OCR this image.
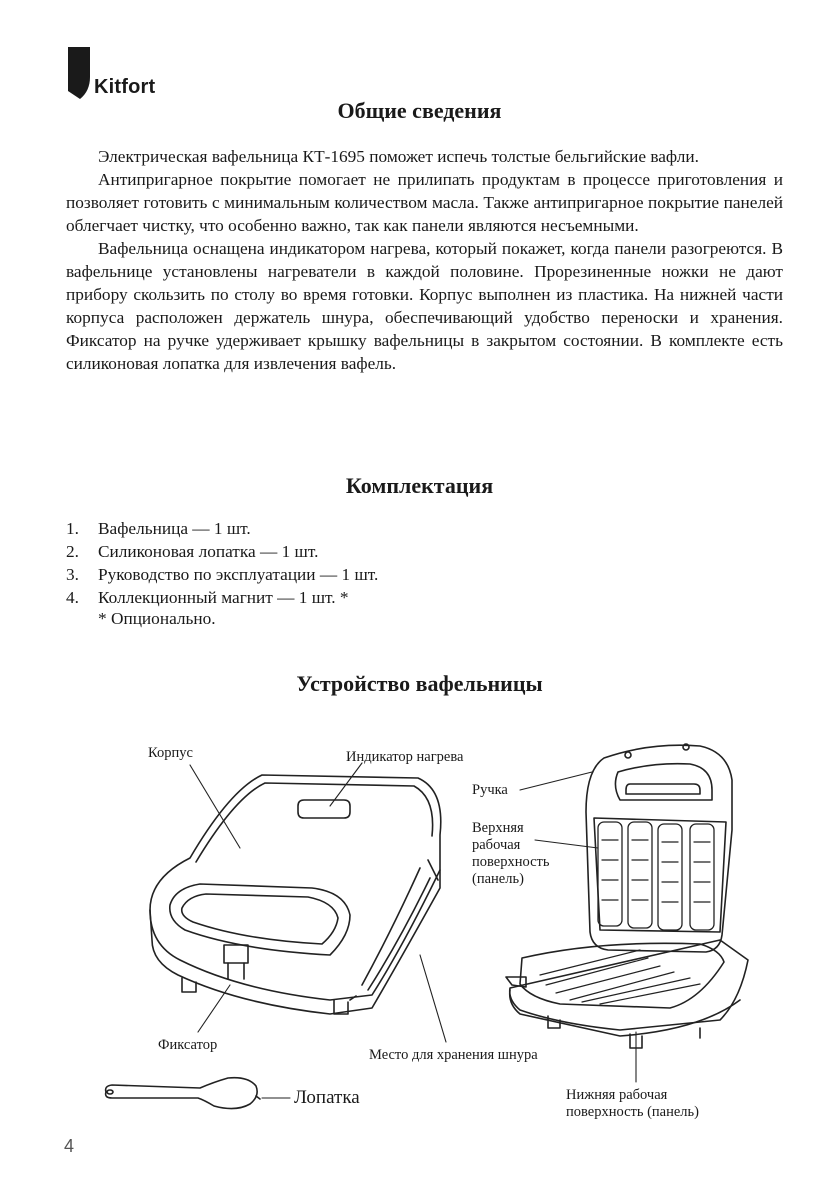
Kitfort
Общие сведения

Электрическая вафельница КТ-1695 поможет испечь толстые бельгийские вафли.

Антипригарное покрытие помогает не прилипать продуктам в процессе приготовления и позволяет готовить с минимальным количеством масла. Также антипригарное покрытие панелей облегчает чистку, что особенно важно, так как панели являются несъемными.

Вафельница оснащена индикатором нагрева, который покажет, когда панели разогреются. В вафельнице установлены нагреватели в каждой половине. Прорезиненные ножки не дают прибору скользить по столу во время готовки. Корпус выполнен из пластика. На нижней части корпуса расположен держатель шнура, обеспечивающий удобство переноски и хранения. Фиксатор на ручке удерживает крышку вафельницы в закрытом состоянии. В комплекте есть силиконовая лопатка для извлечения вафель.

Комплектация
1. Вафельница — 1 шт.
2. Силиконовая лопатка — 1 шт.
3. Руководство по эксплуатации — 1 шт.
4. Коллекционный магнит — 1 шт. *
* Опционально.
Устройство вафельницы
Корпус	Индикатор нагрева
Ручка
Верхняя
рабочая
поверхность
(панель)
Фиксатор
Место для хранения шнура
Нижняя рабочая
поверхность (панель)
Лопатка
4
